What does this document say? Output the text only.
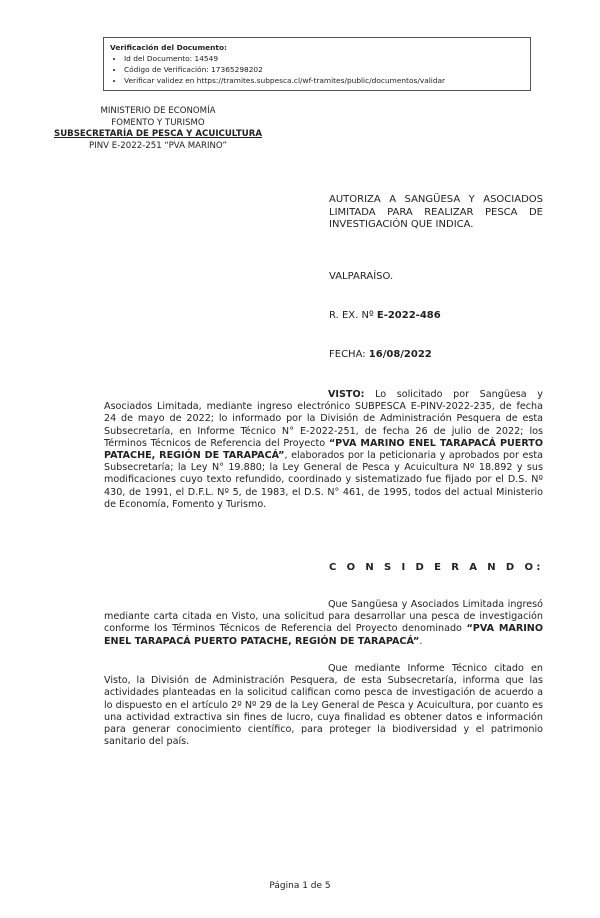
Verificación del Documento:
• Id del Documento: 14549
• Código de Verificación: 17365298202
• Verificar validez en https://tramites.subpesca.cl/wf-tramites/public/documentos/validar
MINISTERIO DE ECONOMÍA
FOMENTO Y TURISMO
SUBSECRETARÍA DE PESCA Y ACUICULTURA
PINV E-2022-251 “PVA MARINO”
AUTORIZA A SANGÜESA Y ASOCIADOS LIMITADA PARA REALIZAR PESCA DE INVESTIGACIÓN QUE INDICA.
VALPARAÍSO.
R. EX. Nº E-2022-486
FECHA: 16/08/2022
VISTO: Lo solicitado por Sangüesa y Asociados Limitada, mediante ingreso electrónico SUBPESCA E-PINV-2022-235, de fecha 24 de mayo de 2022; lo informado por la División de Administración Pesquera de esta Subsecretaría, en Informe Técnico N° E-2022-251, de fecha 26 de julio de 2022; los Términos Técnicos de Referencia del Proyecto “PVA MARINO ENEL TARAPACÁ PUERTO PATACHE, REGIÓN DE TARAPACÁ”, elaborados por la peticionaria y aprobados por esta Subsecretaría; la Ley N° 19.880; la Ley General de Pesca y Acuicultura Nº 18.892 y sus modificaciones cuyo texto refundido, coordinado y sistematizado fue fijado por el D.S. Nº 430, de 1991, el D.F.L. Nº 5, de 1983, el D.S. N° 461, de 1995, todos del actual Ministerio de Economía, Fomento y Turismo.
C O N S I D E R A N D O:
Que Sangüesa y Asociados Limitada ingresó mediante carta citada en Visto, una solicitud para desarrollar una pesca de investigación conforme los Términos Técnicos de Referencia del Proyecto denominado “PVA MARINO ENEL TARAPACÁ PUERTO PATACHE, REGIÓN DE TARAPACÁ”.
Que mediante Informe Técnico citado en Visto, la División de Administración Pesquera, de esta Subsecretaría, informa que las actividades planteadas en la solicitud califican como pesca de investigación de acuerdo a lo dispuesto en el artículo 2º Nº 29 de la Ley General de Pesca y Acuicultura, por cuanto es una actividad extractiva sin fines de lucro, cuya finalidad es obtener datos e información para generar conocimiento científico, para proteger la biodiversidad y el patrimonio sanitario del país.
Página 1 de 5
